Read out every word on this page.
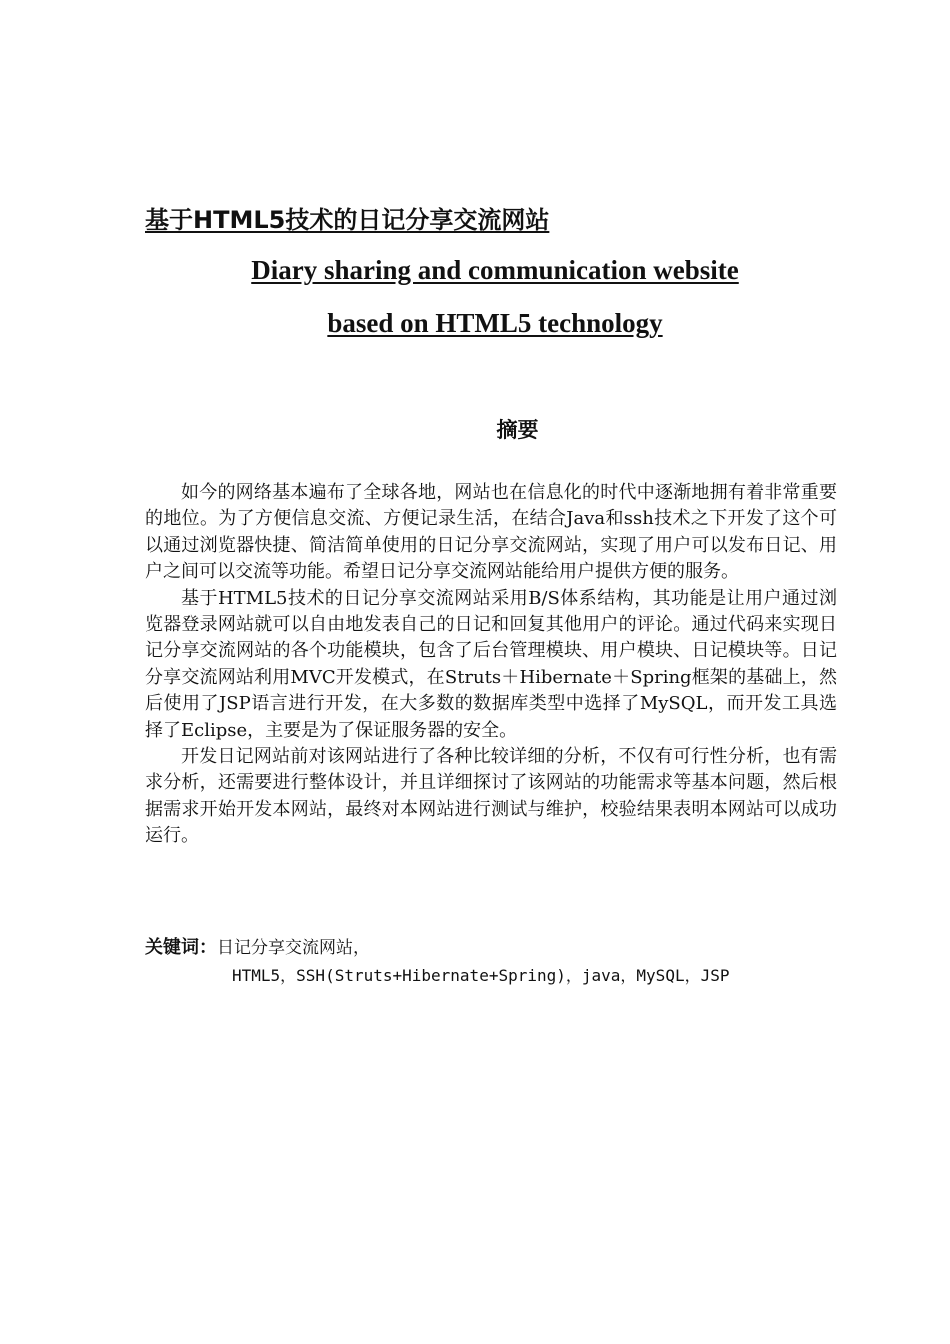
基于HTML5技术的日记分享交流网站
Diary sharing and communication website
based on HTML5 technology
摘要

如今的网络基本遍布了全球各地，网站也在信息化的时代中逐渐地拥有着非常重要的地位。为了方便信息交流、方便记录生活，在结合Java和ssh技术之下开发了这个可以通过浏览器快捷、简洁简单使用的日记分享交流网站，实现了用户可以发布日记、用户之间可以交流等功能。希望日记分享交流网站能给用户提供方便的服务。

基于HTML5技术的日记分享交流网站采用B/S体系结构，其功能是让用户通过浏览器登录网站就可以自由地发表自己的日记和回复其他用户的评论。通过代码来实现日记分享交流网站的各个功能模块，包含了后台管理模块、用户模块、日记模块等。日记分享交流网站利用MVC开发模式，在Struts＋Hibernate＋Spring框架的基础上，然后使用了JSP语言进行开发，在大多数的数据库类型中选择了MySQL，而开发工具选择了Eclipse，主要是为了保证服务器的安全。

开发日记网站前对该网站进行了各种比较详细的分析，不仅有可行性分析，也有需求分析，还需要进行整体设计，并且详细探讨了该网站的功能需求等基本问题，然后根据需求开始开发本网站，最终对本网站进行测试与维护，校验结果表明本网站可以成功运行。

关键词：日记分享交流网站，
HTML5，SSH(Struts+Hibernate+Spring)，java，MySQL，JSP
